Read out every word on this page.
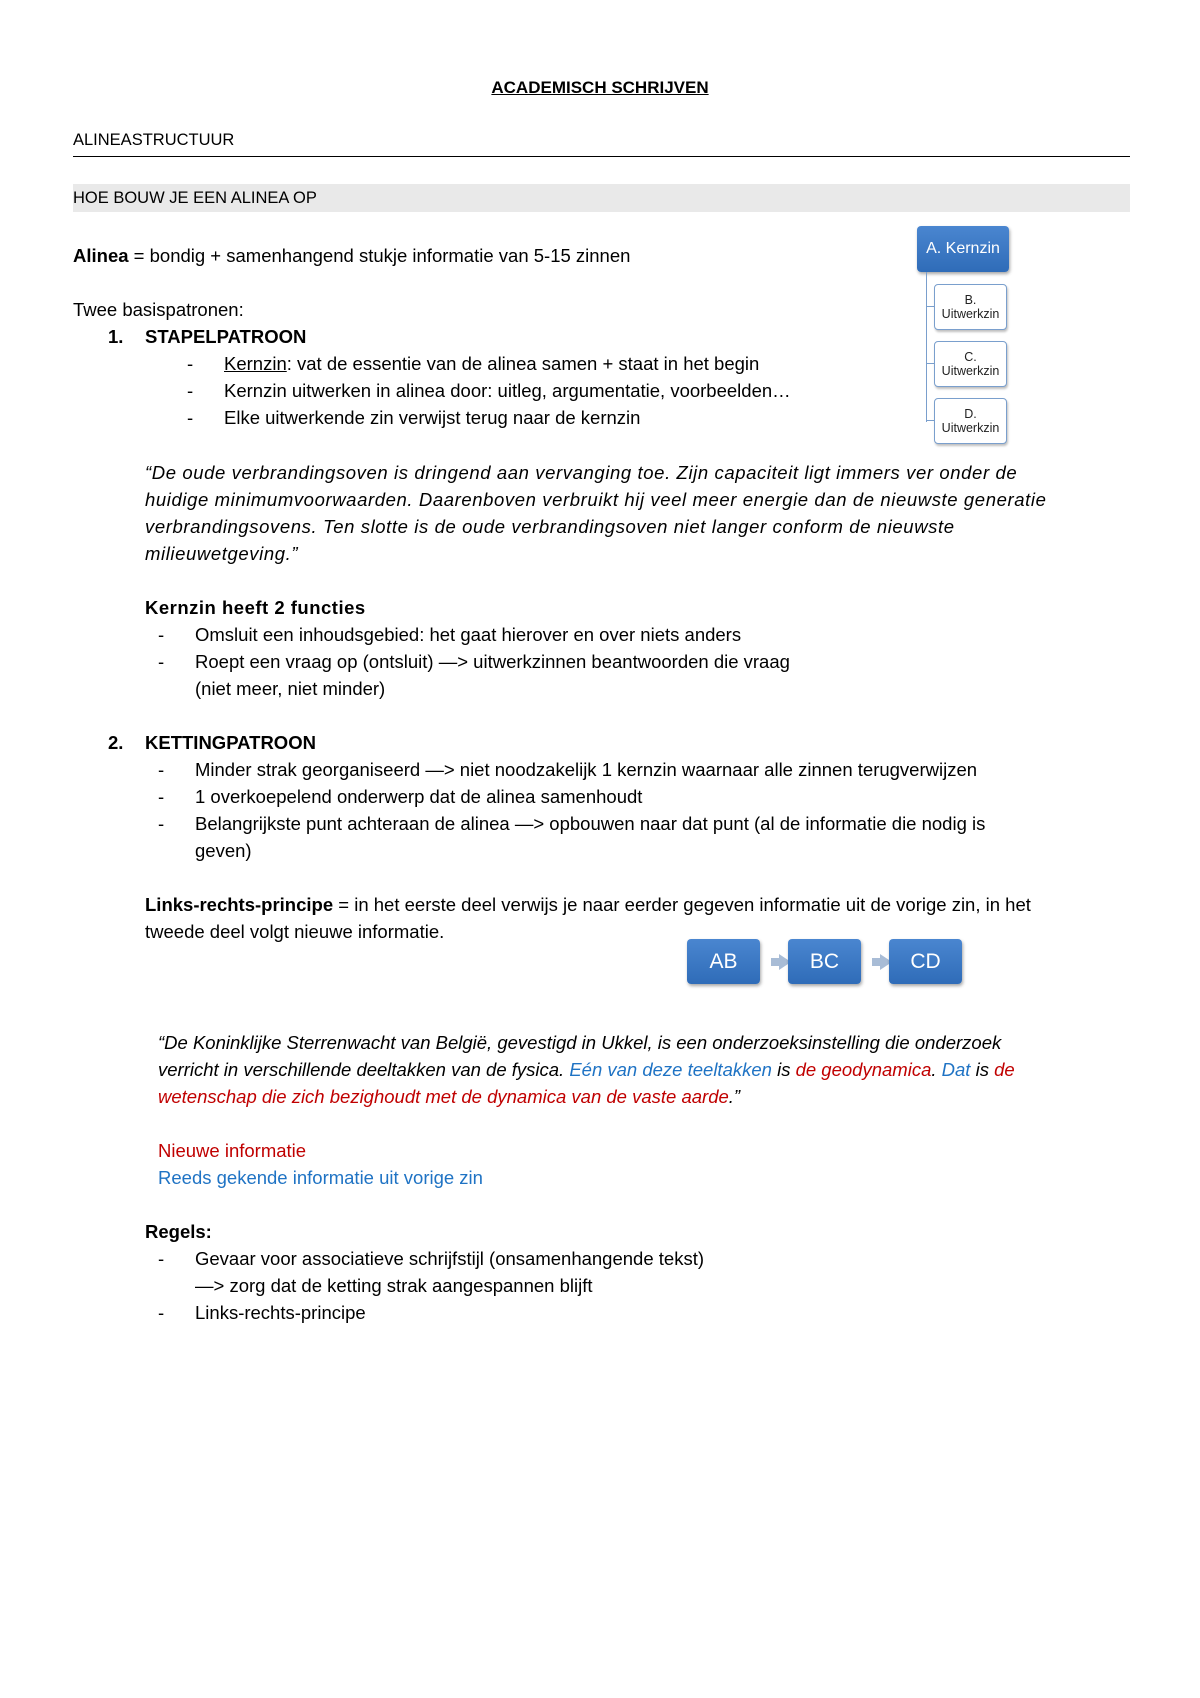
ACADEMISCH SCHRIJVEN
ALINEASTRUCTUUR
HOE BOUW JE EEN ALINEA OP
Alinea = bondig + samenhangend stukje informatie van 5-15 zinnen
Twee basispatronen:
1. STAPELPATROON
- Kernzin: vat de essentie van de alinea samen + staat in het begin
- Kernzin uitwerken in alinea door: uitleg, argumentatie, voorbeelden…
- Elke uitwerkende zin verwijst terug naar de kernzin
A. Kernzin
B.
Uitwerkzin
C.
Uitwerkzin
D.
Uitwerkzin
“De oude verbrandingsoven is dringend aan vervanging toe. Zijn capaciteit ligt immers ver onder de
huidige minimumvoorwaarden. Daarenboven verbruikt hij veel meer energie dan de nieuwste generatie
verbrandingsovens. Ten slotte is de oude verbrandingsoven niet langer conform de nieuwste
milieuwetgeving.”
Kernzin heeft 2 functies
- Omsluit een inhoudsgebied: het gaat hierover en over niets anders
- Roept een vraag op (ontsluit) —> uitwerkzinnen beantwoorden die vraag
(niet meer, niet minder)
2. KETTINGPATROON
- Minder strak georganiseerd —> niet noodzakelijk 1 kernzin waarnaar alle zinnen terugverwijzen
- 1 overkoepelend onderwerp dat de alinea samenhoudt
- Belangrijkste punt achteraan de alinea —> opbouwen naar dat punt (al de informatie die nodig is
geven)
Links-rechts-principe = in het eerste deel verwijs je naar eerder gegeven informatie uit de vorige zin, in het
tweede deel volgt nieuwe informatie.
AB	BC	CD
“De Koninklijke Sterrenwacht van België, gevestigd in Ukkel, is een onderzoeksinstelling die onderzoek
verricht in verschillende deeltakken van de fysica. Eén van deze teeltakken is de geodynamica. Dat is de
wetenschap die zich bezighoudt met de dynamica van de vaste aarde.”
Nieuwe informatie
Reeds gekende informatie uit vorige zin
Regels:
- Gevaar voor associatieve schrijfstijl (onsamenhangende tekst)
—> zorg dat de ketting strak aangespannen blijft
- Links-rechts-principe
